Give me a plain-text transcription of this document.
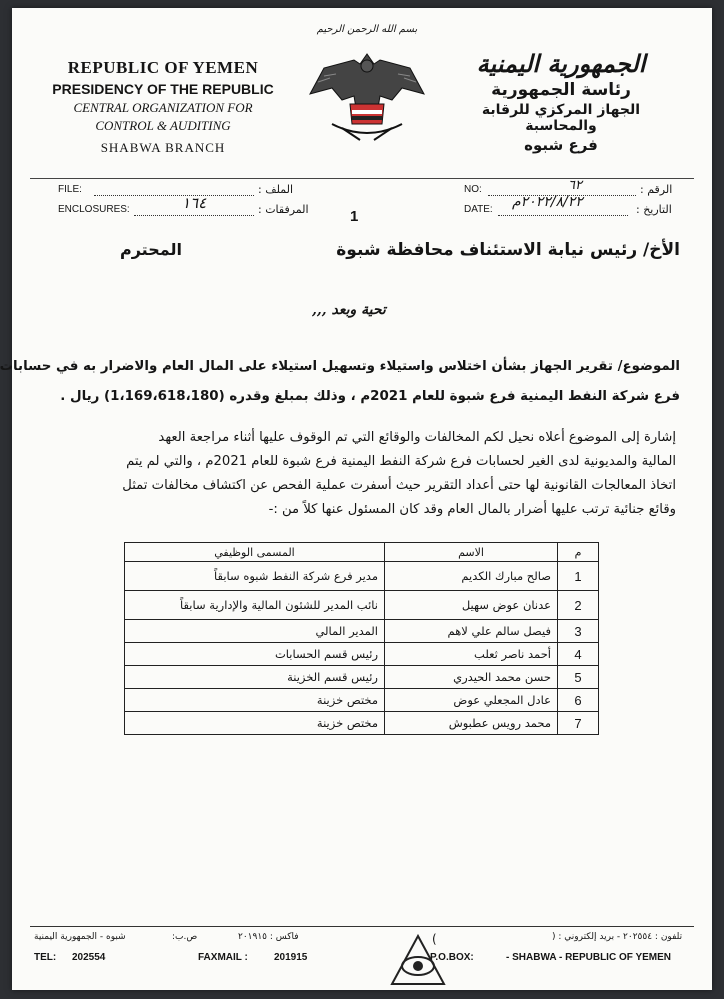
REPUBLIC OF YEMEN
PRESIDENCY OF THE REPUBLIC
CENTRAL ORGANIZATION FOR
CONTROL & AUDITING
SHABWA BRANCH
بسم الله الرحمن الرحيم
الجمهورية اليمنية
رئاسة الجمهورية
الجهاز المركزي للرقابة والمحاسبة
فرع شبوه
FILE:	الملف :
ENCLOSURES:	١٦٤	المرفقات :
NO:	٦٢	الرقم :
DATE: ٢٠٢٢/٨/٢٢م	التاريخ :
1
الأخ/ رئيس نيابة الاستئناف محافظة شبوة
المحترم
تحية وبعد ,,,
الموضوع/ تقرير الجهاز بشأن اختلاس واستيلاء وتسهيل استيلاء على المال العام والاضرار به في حسابات
فرع شركة النفط اليمنية فرع شبوة للعام 2021م ، وذلك بمبلغ وقدره (1،169،618،180) ريال .
إشارة إلى الموضوع أعلاه نحيل لكم المخالفات والوقائع التي تم الوقوف عليها أثناء مراجعة العهد
المالية والمديونية لدى الغير لحسابات فرع شركة النفط اليمنية فرع شبوة للعام 2021م ، والتي لم يتم
اتخاذ المعالجات القانونية لها حتى أعداد التقرير حيث أسفرت عملية الفحص عن اكتشاف مخالفات تمثل
وقائع جنائية ترتب عليها أضرار بالمال العام وقد كان المسئول عنها كلاً من :-
م	الاسم	المسمى الوظيفي
1	صالح مبارك الكديم	مدير فرع شركة النفط شبوه سابقاً
2	عدنان عوض سهيل	نائب المدير للشئون المالية والإدارية سابقاً
3	فيصل سالم علي لاهم	المدير المالي
4	أحمد ناصر ثعلب	رئيس قسم الحسابات
5	حسن محمد الحيدري	رئيس قسم الخزينة
6	عادل المجعلي عوض	مختص خزينة
7	محمد رويس عطبوش	مختص خزينة
شبوه - الجمهورية اليمنية	ص.ب:	فاكس : ٢٠١٩١٥	تلفون : ٢٠٢٥٥٤ - بريد إلكتروني : (
)
TEL: 202554	FAXMAIL :	201915	P.O.BOX:	- SHABWA - REPUBLIC OF YEMEN
